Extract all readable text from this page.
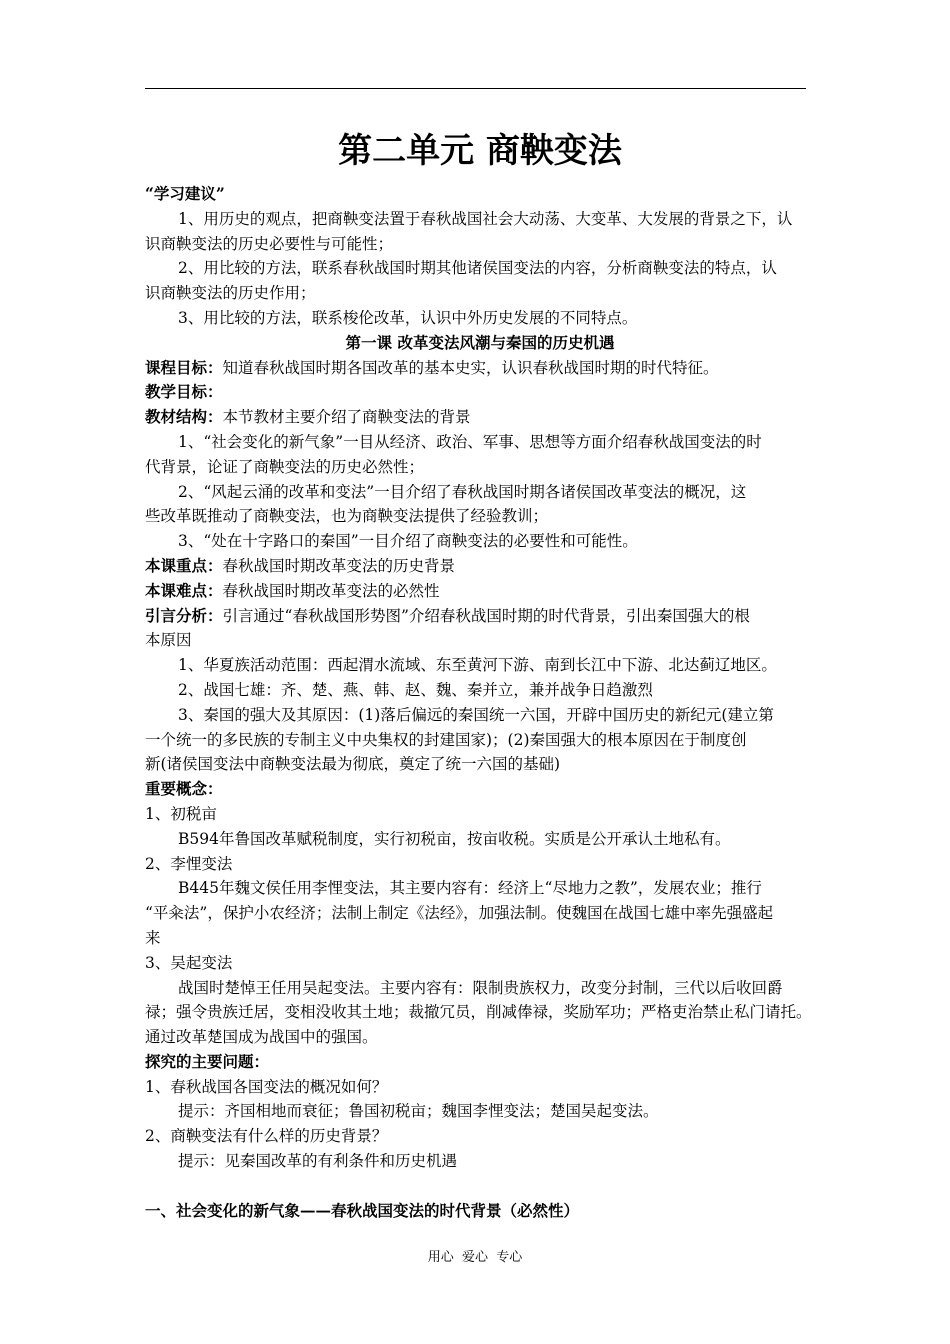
第二单元 商鞅变法

“学习建议”

1、用历史的观点，把商鞅变法置于春秋战国社会大动荡、大变革、大发展的背景之下，认

识商鞅变法的历史必要性与可能性；

2、用比较的方法，联系春秋战国时期其他诸侯国变法的内容，分析商鞅变法的特点，认

识商鞅变法的历史作用；

3、用比较的方法，联系梭伦改革，认识中外历史发展的不同特点。

第一课 改革变法风潮与秦国的历史机遇

课程目标：知道春秋战国时期各国改革的基本史实，认识春秋战国时期的时代特征。

教学目标：

教材结构：本节教材主要介绍了商鞅变法的背景

1、“社会变化的新气象”一目从经济、政治、军事、思想等方面介绍春秋战国变法的时

代背景，论证了商鞅变法的历史必然性；

2、“风起云涌的改革和变法”一目介绍了春秋战国时期各诸侯国改革变法的概况，这

些改革既推动了商鞅变法，也为商鞅变法提供了经验教训；

3、“处在十字路口的秦国”一目介绍了商鞅变法的必要性和可能性。

本课重点：春秋战国时期改革变法的历史背景

本课难点：春秋战国时期改革变法的必然性

引言分析：引言通过“春秋战国形势图”介绍春秋战国时期的时代背景，引出秦国强大的根

本原因

1、华夏族活动范围：西起渭水流域、东至黄河下游、南到长江中下游、北达蓟辽地区。

2、战国七雄：齐、楚、燕、韩、赵、魏、秦并立，兼并战争日趋激烈

3、秦国的强大及其原因：(1)落后偏远的秦国统一六国，开辟中国历史的新纪元(建立第

一个统一的多民族的专制主义中央集权的封建国家)；(2)秦国强大的根本原因在于制度创

新(诸侯国变法中商鞅变法最为彻底，奠定了统一六国的基础)

重要概念：

1、初税亩

B594年鲁国改革赋税制度，实行初税亩，按亩收税。实质是公开承认土地私有。

2、李悝变法

B445年魏文侯任用李悝变法，其主要内容有：经济上“尽地力之教”，发展农业；推行

“平籴法”，保护小农经济；法制上制定《法经》，加强法制。使魏国在战国七雄中率先强盛起

来

3、吴起变法

战国时楚悼王任用吴起变法。主要内容有：限制贵族权力，改变分封制，三代以后收回爵

禄；强令贵族迁居，变相没收其土地；裁撤冗员，削减俸禄，奖励军功；严格吏治禁止私门请托。

通过改革楚国成为战国中的强国。

探究的主要问题：

1、春秋战国各国变法的概况如何？

提示：齐国相地而衰征；鲁国初税亩；魏国李悝变法；楚国吴起变法。

2、商鞅变法有什么样的历史背景？

提示：见秦国改革的有利条件和历史机遇

一、社会变化的新气象——春秋战国变法的时代背景（必然性）

用心  爱心  专心
